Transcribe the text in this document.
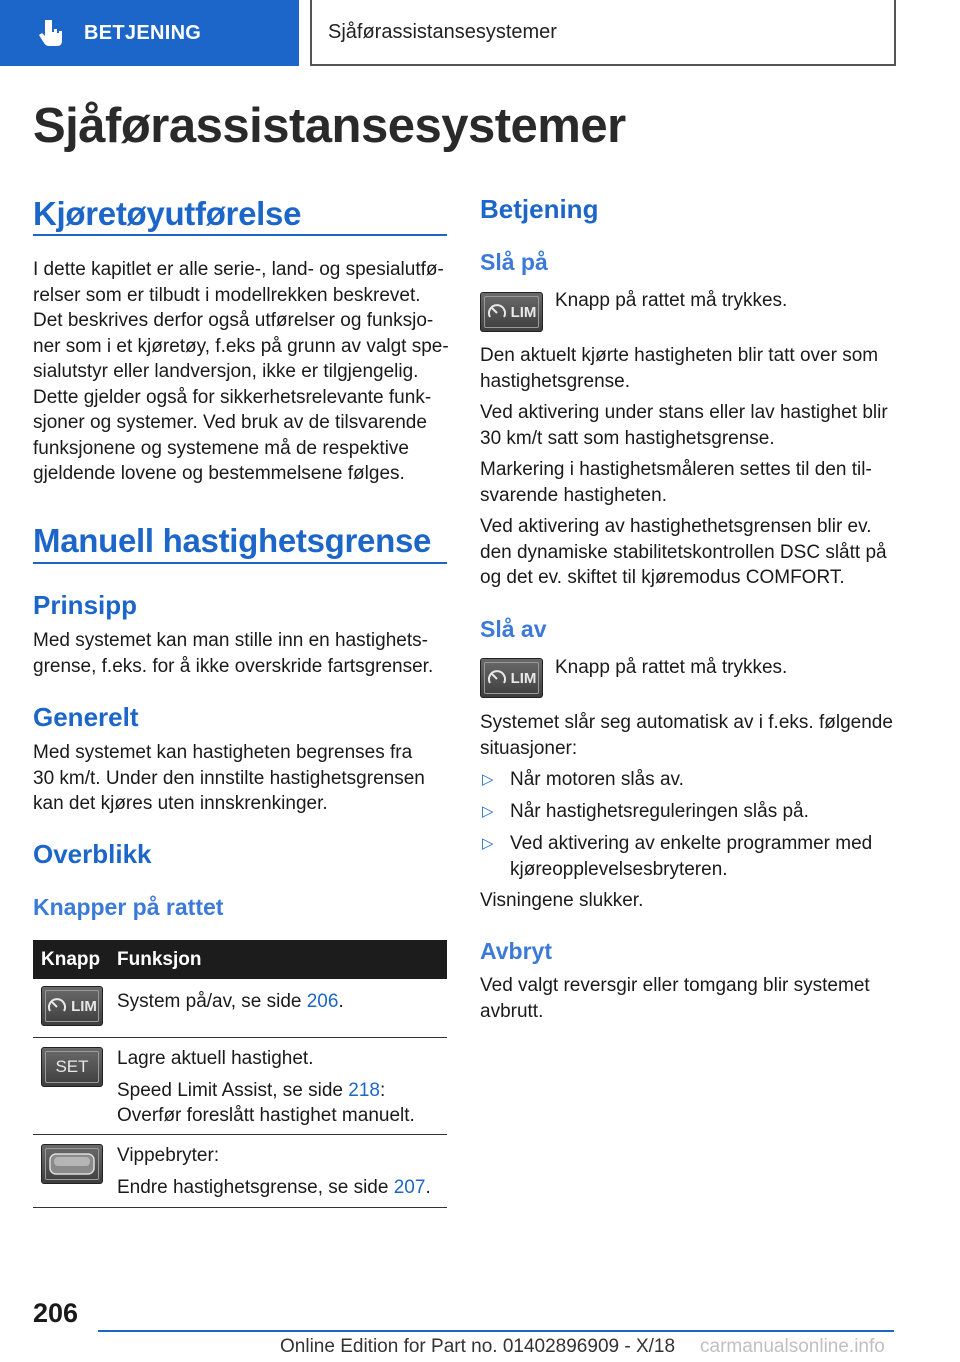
BETJENING	Sjåførassistansesystemer
Sjåførassistansesystemer
Kjøretøyutførelse
I dette kapitlet er alle serie-, land- og spesialutfø-
relser som er tilbudt i modellrekken beskrevet.
Det beskrives derfor også utførelser og funksjo-
ner som i et kjøretøy, f.eks på grunn av valgt spe-
sialutstyr eller landversjon, ikke er tilgjengelig.
Dette gjelder også for sikkerhetsrelevante funk-
sjoner og systemer. Ved bruk av de tilsvarende
funksjonene og systemene må de respektive
gjeldende lovene og bestemmelsene følges.
Manuell hastighetsgrense
Prinsipp
Med systemet kan man stille inn en hastighets-
grense, f.eks. for å ikke overskride fartsgrenser.
Generelt
Med systemet kan hastigheten begrenses fra
30 km/t. Under den innstilte hastighetsgrensen
kan det kjøres uten innskrenkinger.
Overblikk
Knapper på rattet
Knapp Funksjon
LIM System på/av, se side 206.
SET Lagre aktuell hastighet.
Speed Limit Assist, se side 218:
Overfør foreslått hastighet manuelt.
Vippebryter:
Endre hastighetsgrense, se side 207.
Betjening
Slå på
LIM
Knapp på rattet må trykkes.
Den aktuelt kjørte hastigheten blir tatt over som
hastighetsgrense.
Ved aktivering under stans eller lav hastighet blir
30 km/t satt som hastighetsgrense.
Markering i hastighetsmåleren settes til den til-
svarende hastigheten.
Ved aktivering av hastighethetsgrensen blir ev.
den dynamiske stabilitetskontrollen DSC slått på
og det ev. skiftet til kjøremodus COMFORT.
Slå av
LIM Knapp på rattet må trykkes.
Systemet slår seg automatisk av i f.eks. følgende
situasjoner:
▷ Når motoren slås av.
▷ Når hastighetsreguleringen slås på.
▷ Ved aktivering av enkelte programmer med
kjøreopplevelsesbryteren.
Visningene slukker.
Avbryt
Ved valgt reversgir eller tomgang blir systemet
avbrutt.
206
Online Edition for Part no. 01402896909 - X/18 carmanualsonline.info
